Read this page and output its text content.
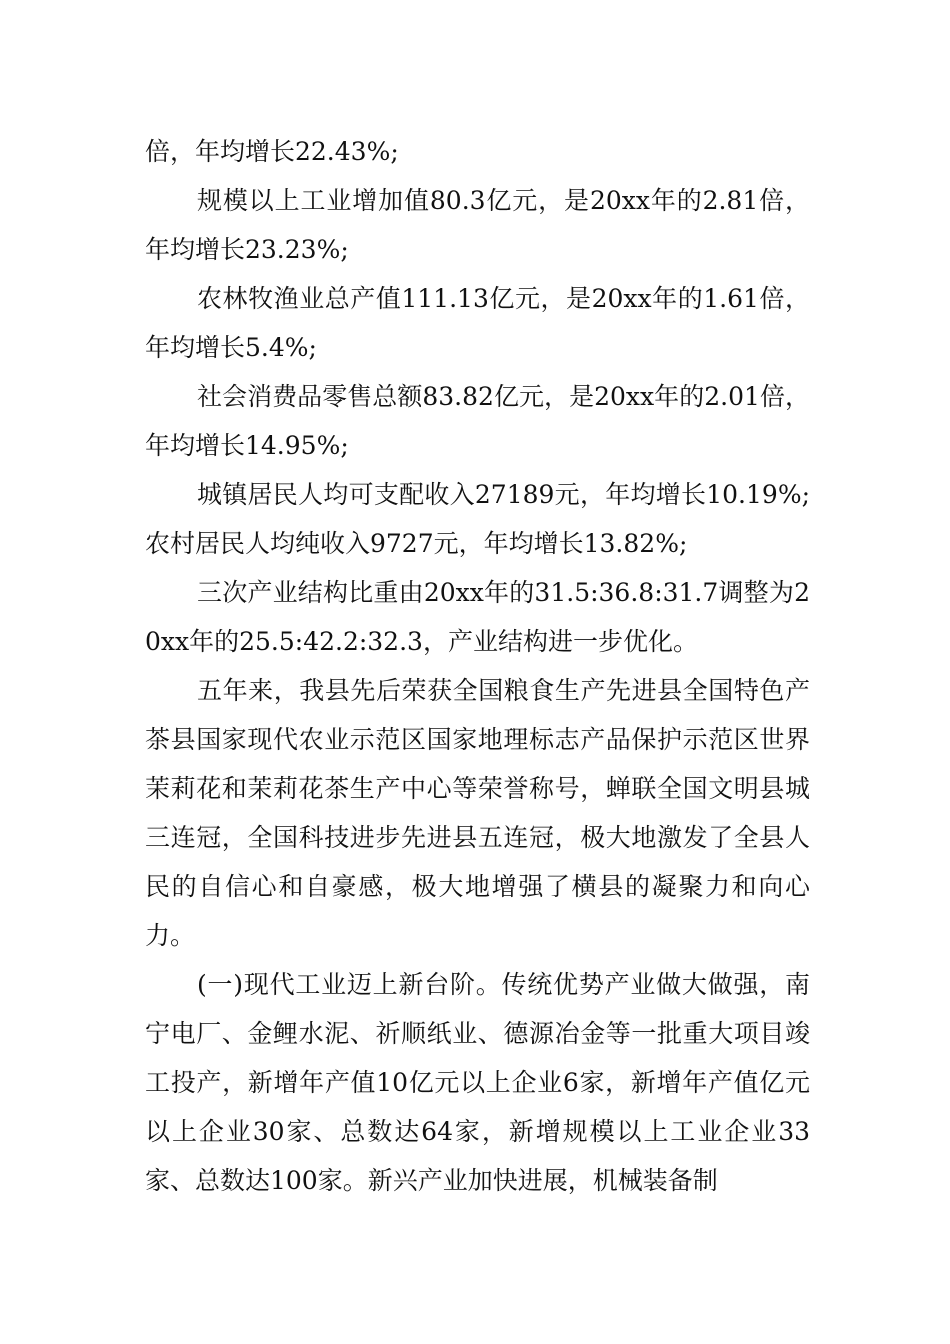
倍，年均增长22.43%;

规模以上工业增加值80.3亿元，是20xx年的2.81倍，年均增长23.23%;

农林牧渔业总产值111.13亿元，是20xx年的1.61倍，年均增长5.4%;

社会消费品零售总额83.82亿元，是20xx年的2.01倍，年均增长14.95%;

城镇居民人均可支配收入27189元，年均增长10.19%;农村居民人均纯收入9727元，年均增长13.82%;

三次产业结构比重由20xx年的31.5:36.8:31.7调整为20xx年的25.5:42.2:32.3，产业结构进一步优化。

五年来，我县先后荣获全国粮食生产先进县全国特色产茶县国家现代农业示范区国家地理标志产品保护示范区世界茉莉花和茉莉花茶生产中心等荣誉称号，蝉联全国文明县城三连冠，全国科技进步先进县五连冠，极大地激发了全县人民的自信心和自豪感，极大地增强了横县的凝聚力和向心力。

(一)现代工业迈上新台阶。传统优势产业做大做强，南宁电厂、金鲤水泥、祈顺纸业、德源冶金等一批重大项目竣工投产，新增年产值10亿元以上企业6家，新增年产值亿元以上企业30家、总数达64家，新增规模以上工业企业33家、总数达100家。新兴产业加快进展，机械装备制
